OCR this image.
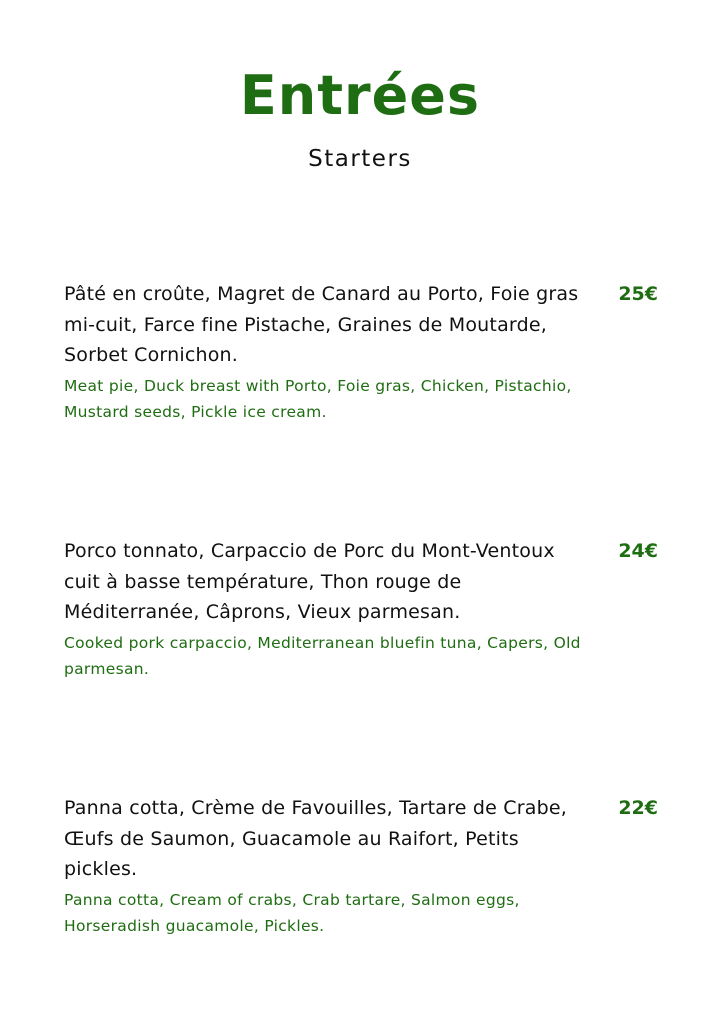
Entrées
Starters

Pâté en croûte, Magret de Canard au Porto, Foie gras mi-cuit, Farce fine Pistache, Graines de Moutarde, Sorbet Cornichon.

Meat pie, Duck breast with Porto, Foie gras, Chicken, Pistachio, Mustard seeds, Pickle ice cream.

25€

Porco tonnato, Carpaccio de Porc du Mont-Ventoux cuit à basse température, Thon rouge de Méditerranée, Câprons, Vieux parmesan.

Cooked pork carpaccio, Mediterranean bluefin tuna, Capers, Old parmesan.

24€

Panna cotta, Crème de Favouilles, Tartare de Crabe, Œufs de Saumon, Guacamole au Raifort, Petits pickles.

Panna cotta, Cream of crabs, Crab tartare, Salmon eggs, Horseradish guacamole, Pickles.

22€
